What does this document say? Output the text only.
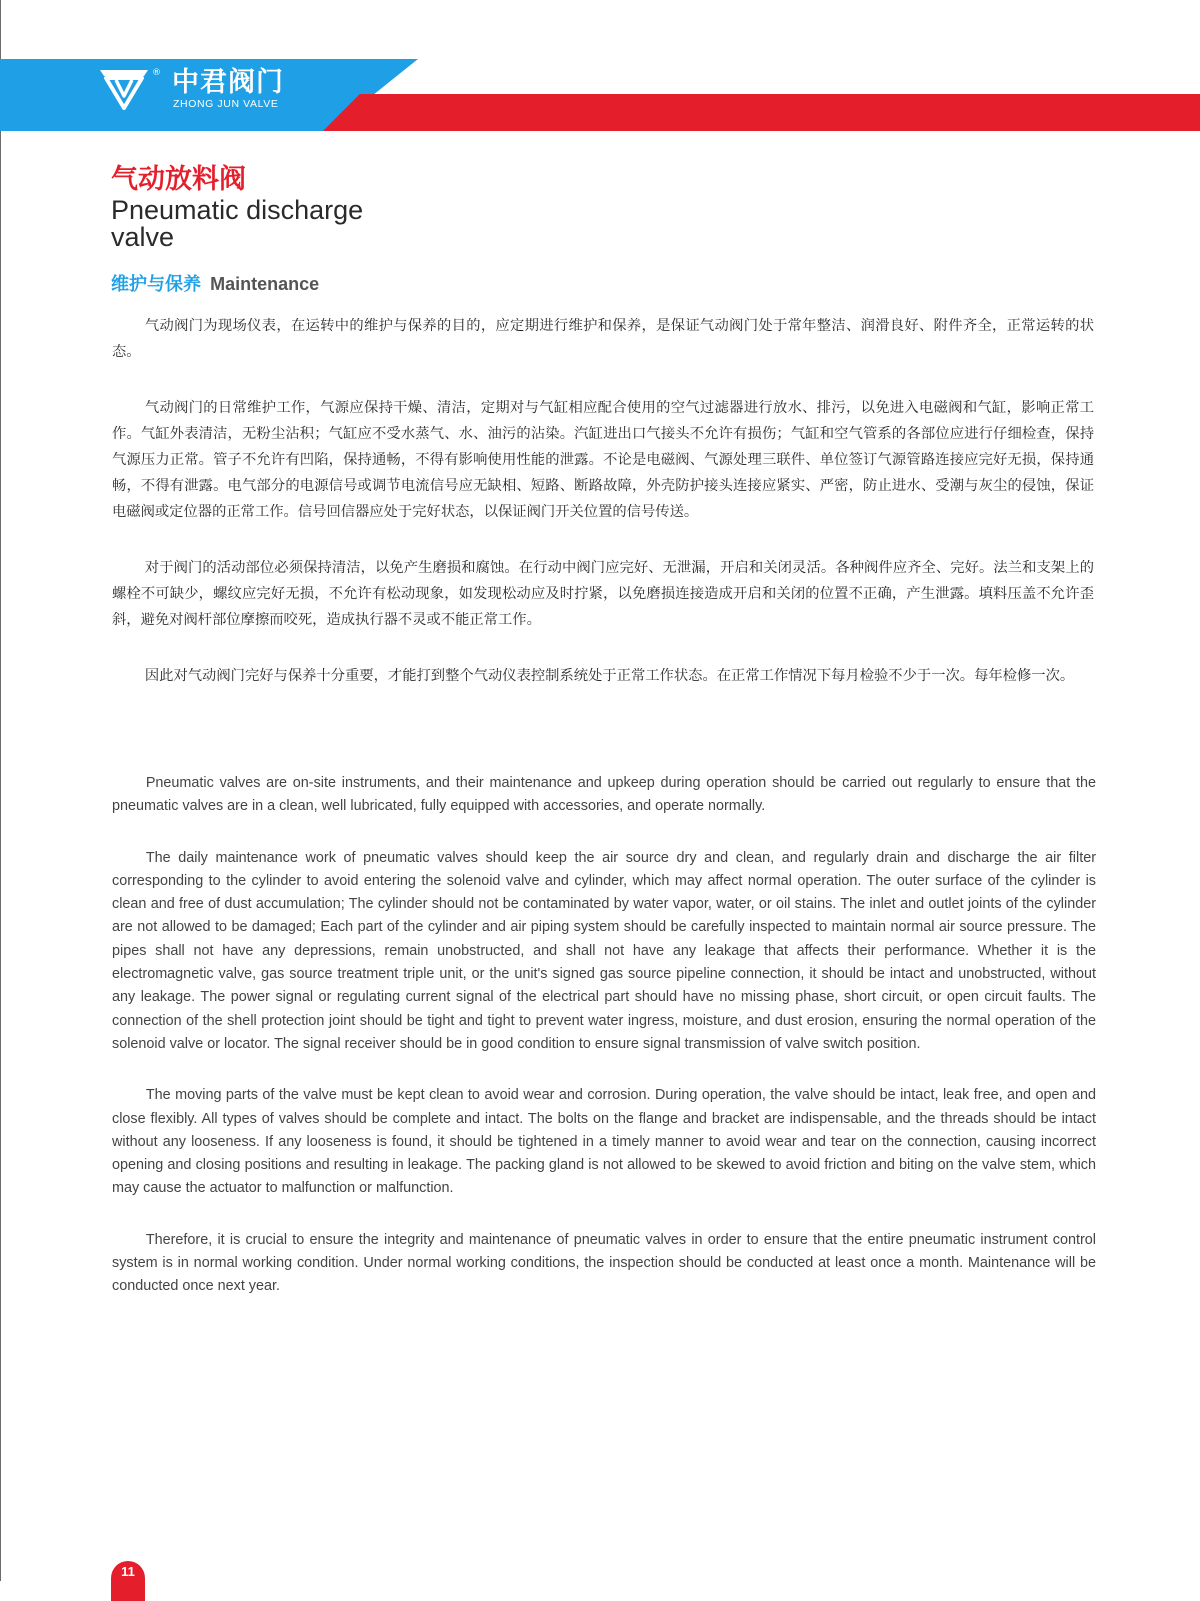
® 中君阀门
ZHONG JUN VALVE
气动放料阀
Pneumatic discharge valve
维护与保养 Maintenance

气动阀门为现场仪表，在运转中的维护与保养的目的，应定期进行维护和保养，是保证气动阀门处于常年整洁、润滑良好、附件齐全，正常运转的状态。

气动阀门的日常维护工作，气源应保持干燥、清洁，定期对与气缸相应配合使用的空气过滤器进行放水、排污，以免进入电磁阀和气缸，影响正常工作。气缸外表清洁，无粉尘沾积；气缸应不受水蒸气、水、油污的沾染。汽缸进出口气接头不允许有损伤；气缸和空气管系的各部位应进行仔细检查，保持气源压力正常。管子不允许有凹陷，保持通畅，不得有影响使用性能的泄露。不论是电磁阀、气源处理三联件、单位签订气源管路连接应完好无损，保持通畅，不得有泄露。电气部分的电源信号或调节电流信号应无缺相、短路、断路故障，外壳防护接头连接应紧实、严密，防止进水、受潮与灰尘的侵蚀，保证电磁阀或定位器的正常工作。信号回信器应处于完好状态，以保证阀门开关位置的信号传送。

对于阀门的活动部位必须保持清洁，以免产生磨损和腐蚀。在行动中阀门应完好、无泄漏，开启和关闭灵活。各种阀件应齐全、完好。法兰和支架上的螺栓不可缺少，螺纹应完好无损，不允许有松动现象，如发现松动应及时拧紧，以免磨损连接造成开启和关闭的位置不正确，产生泄露。填料压盖不允许歪斜，避免对阀杆部位摩擦而咬死，造成执行器不灵或不能正常工作。

因此对气动阀门完好与保养十分重要，才能打到整个气动仪表控制系统处于正常工作状态。在正常工作情况下每月检验不少于一次。每年检修一次。

Pneumatic valves are on-site instruments, and their maintenance and upkeep during operation should be carried out regularly to ensure that the pneumatic valves are in a clean, well lubricated, fully equipped with accessories, and operate normally.

The daily maintenance work of pneumatic valves should keep the air source dry and clean, and regularly drain and discharge the air filter corresponding to the cylinder to avoid entering the solenoid valve and cylinder, which may affect normal operation. The outer surface of the cylinder is clean and free of dust accumulation; The cylinder should not be contaminated by water vapor, water, or oil stains. The inlet and outlet joints of the cylinder are not allowed to be damaged; Each part of the cylinder and air piping system should be carefully inspected to maintain normal air source pressure. The pipes shall not have any depressions, remain unobstructed, and shall not have any leakage that affects their performance. Whether it is the electromagnetic valve, gas source treatment triple unit, or the unit's signed gas source pipeline connection, it should be intact and unobstructed, without any leakage. The power signal or regulating current signal of the electrical part should have no missing phase, short circuit, or open circuit faults. The connection of the shell protection joint should be tight and tight to prevent water ingress, moisture, and dust erosion, ensuring the normal operation of the solenoid valve or locator. The signal receiver should be in good condition to ensure signal transmission of valve switch position.

The moving parts of the valve must be kept clean to avoid wear and corrosion. During operation, the valve should be intact, leak free, and open and close flexibly. All types of valves should be complete and intact. The bolts on the flange and bracket are indispensable, and the threads should be intact without any looseness. If any looseness is found, it should be tightened in a timely manner to avoid wear and tear on the connection, causing incorrect opening and closing positions and resulting in leakage. The packing gland is not allowed to be skewed to avoid friction and biting on the valve stem, which may cause the actuator to malfunction or malfunction.

Therefore, it is crucial to ensure the integrity and maintenance of pneumatic valves in order to ensure that the entire pneumatic instrument control system is in normal working condition. Under normal working conditions, the inspection should be conducted at least once a month. Maintenance will be conducted once next year.

11
